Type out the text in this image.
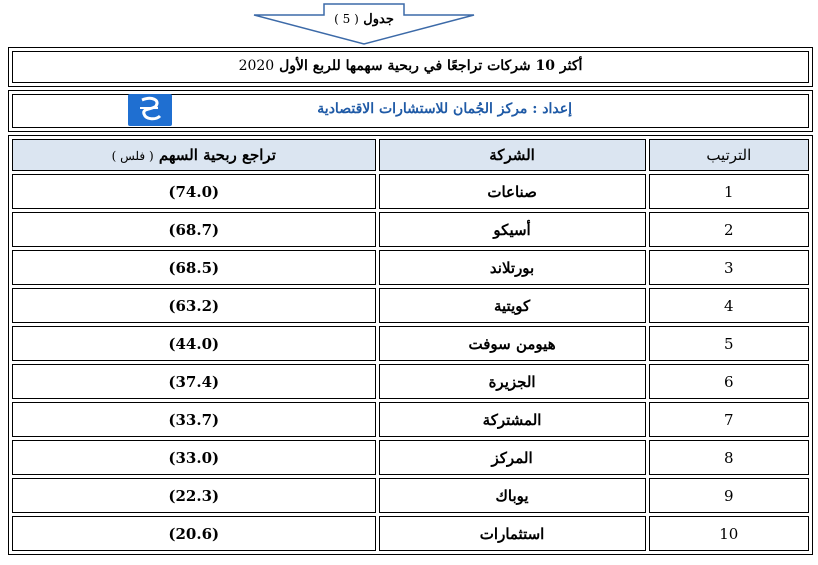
جدول ( 5 )
أكثر 10 شركات تراجعًا في ربحية سهمها للربع الأول 2020
إعداد : مركز الجُمان للاستشارات الاقتصادية
تراجع ربحية السهم ( فلس )	الشركة	الترتيب
(74.0)	صناعات	1
(68.7)	أسيكو	2
(68.5)	بورتلاند	3
(63.2)	كويتية	4
(44.0)	هيومن سوفت	5
(37.4)	الجزيرة	6
(33.7)	المشتركة	7
(33.0)	المركز	8
(22.3)	يوباك	9
(20.6)	استثمارات	10
